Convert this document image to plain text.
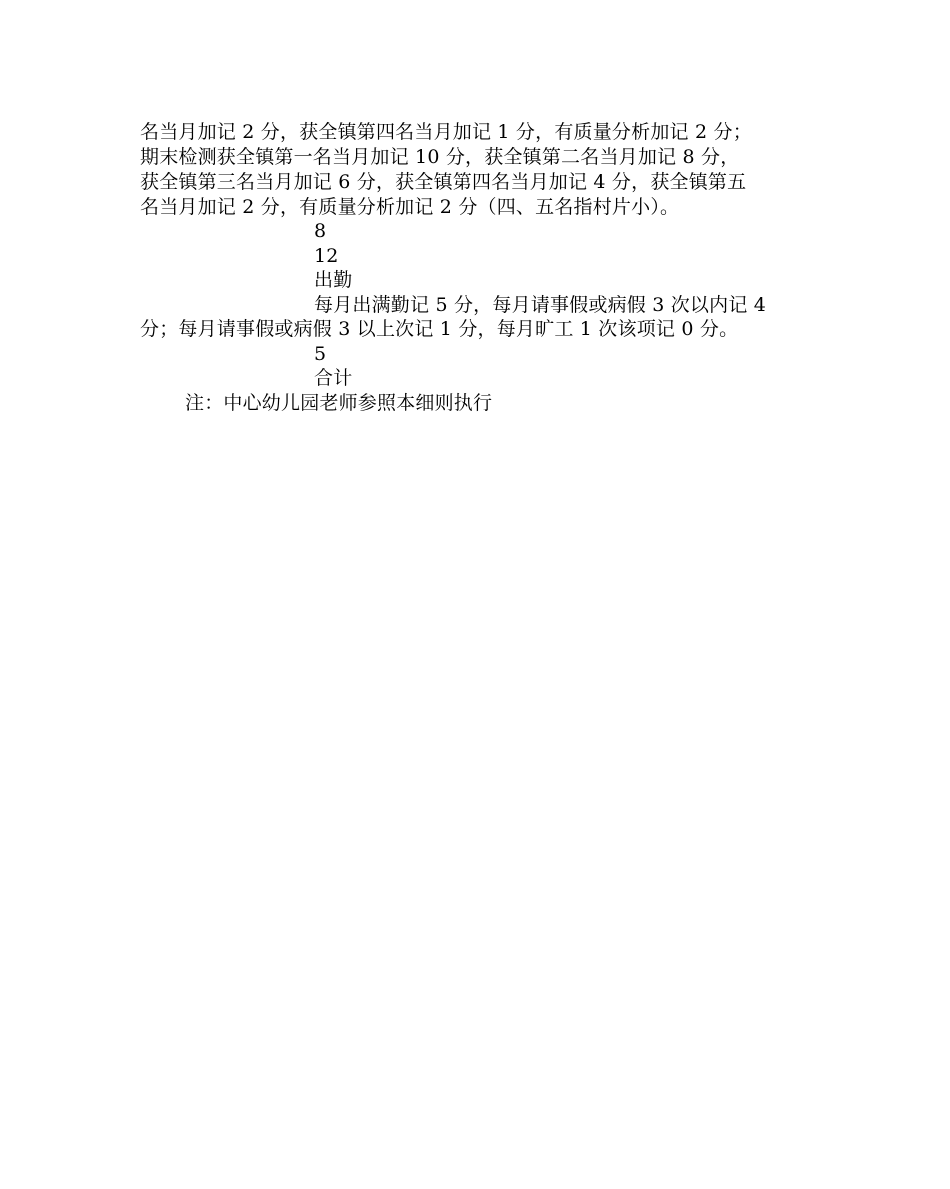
名当月加记 2 分，获全镇第四名当月加记 1 分，有质量分析加记 2 分；
期末检测获全镇第一名当月加记 10 分，获全镇第二名当月加记 8 分，
获全镇第三名当月加记 6 分，获全镇第四名当月加记 4 分，获全镇第五
名当月加记 2 分，有质量分析加记 2 分（四、五名指村片小）。
8
12
出勤
每月出满勤记 5 分，每月请事假或病假 3 次以内记 4
分；每月请事假或病假 3 以上次记 1 分，每月旷工 1 次该项记 0 分。
5
合计
注：中心幼儿园老师参照本细则执行
